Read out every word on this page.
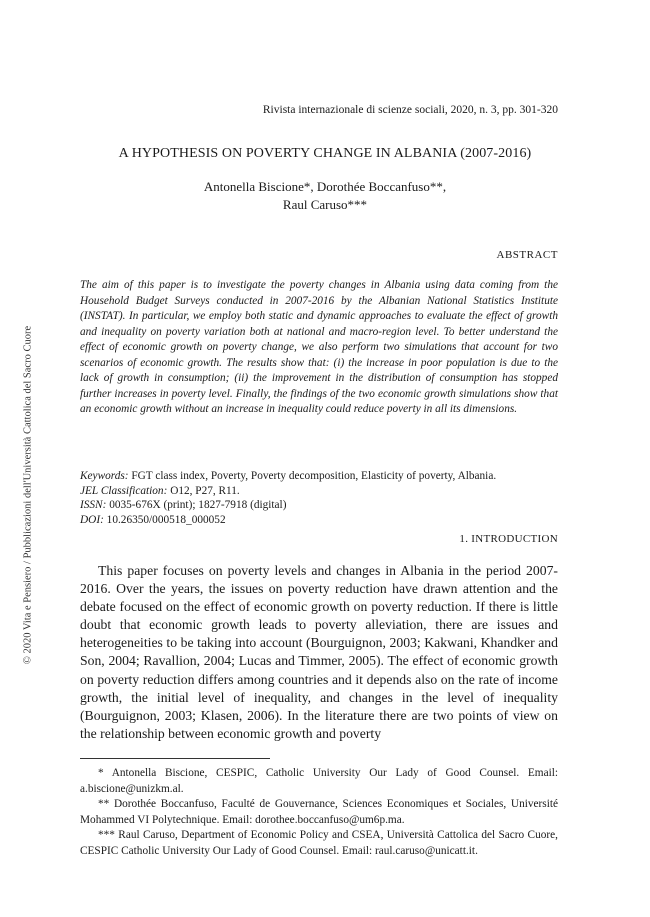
© 2020 Vita e Pensiero / Pubblicazioni dell'Università Cattolica del Sacro Cuore
Rivista internazionale di scienze sociali, 2020, n. 3, pp. 301-320
A HYPOTHESIS ON POVERTY CHANGE IN ALBANIA (2007-2016)
Antonella Biscione*, Dorothée Boccanfuso**,
Raul Caruso***
ABSTRACT

The aim of this paper is to investigate the poverty changes in Albania using data coming from the Household Budget Surveys conducted in 2007-2016 by the Albanian National Statistics Institute (INSTAT). In particular, we employ both static and dynamic approaches to evaluate the effect of growth and inequality on poverty variation both at national and macro-region level. To better understand the effect of economic growth on poverty change, we also perform two simulations that account for two scenarios of economic growth. The results show that: (i) the increase in poor population is due to the lack of growth in consumption; (ii) the improvement in the distribution of consumption has stopped further increases in poverty level. Finally, the findings of the two economic growth simulations show that an economic growth without an increase in inequality could reduce poverty in all its dimensions.

Keywords: FGT class index, Poverty, Poverty decomposition, Elasticity of poverty, Albania.
JEL Classification: O12, P27, R11.
ISSN: 0035-676X (print); 1827-7918 (digital)
DOI: 10.26350/000518_000052
1. INTRODUCTION

This paper focuses on poverty levels and changes in Albania in the period 2007-2016. Over the years, the issues on poverty reduction have drawn attention and the debate focused on the effect of economic growth on poverty reduction. If there is little doubt that economic growth leads to poverty alleviation, there are issues and heterogeneities to be taking into account (Bourguignon, 2003; Kakwani, Khandker and Son, 2004; Ravallion, 2004; Lucas and Timmer, 2005). The effect of economic growth on poverty reduction differs among countries and it depends also on the rate of income growth, the initial level of inequality, and changes in the level of inequality (Bourguignon, 2003; Klasen, 2006). In the literature there are two points of view on the relationship between economic growth and poverty

* Antonella Biscione, CESPIC, Catholic University Our Lady of Good Counsel. Email: a.biscione@unizkm.al.

** Dorothée Boccanfuso, Faculté de Gouvernance, Sciences Economiques et Sociales, Université Mohammed VI Polytechnique. Email: dorothee.boccanfuso@um6p.ma.

*** Raul Caruso, Department of Economic Policy and CSEA, Università Cattolica del Sacro Cuore, CESPIC Catholic University Our Lady of Good Counsel. Email: raul.caruso@unicatt.it.
